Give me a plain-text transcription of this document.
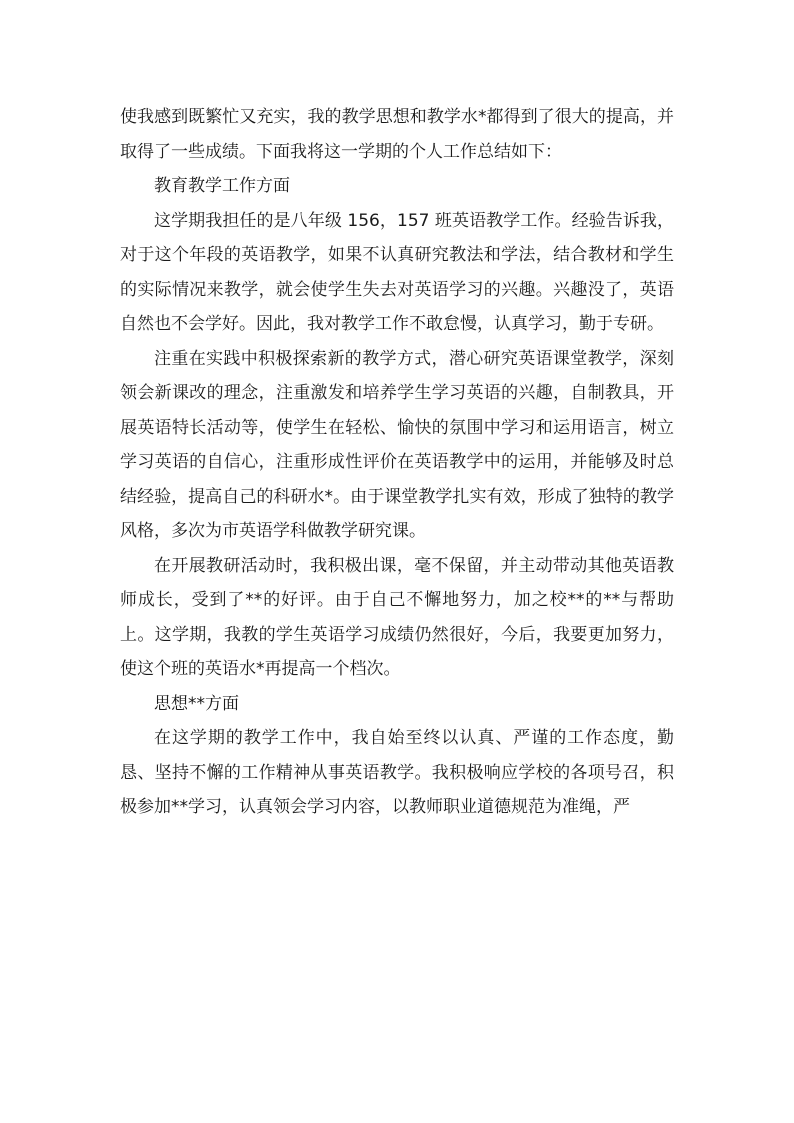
使我感到既繁忙又充实，我的教学思想和教学水*都得到了很大的提高，并取得了一些成绩。下面我将这一学期的个人工作总结如下：

教育教学工作方面

这学期我担任的是八年级 156，157 班英语教学工作。经验告诉我，对于这个年段的英语教学，如果不认真研究教法和学法，结合教材和学生的实际情况来教学，就会使学生失去对英语学习的兴趣。兴趣没了，英语自然也不会学好。因此，我对教学工作不敢怠慢，认真学习，勤于专研。

注重在实践中积极探索新的教学方式，潜心研究英语课堂教学，深刻领会新课改的理念，注重激发和培养学生学习英语的兴趣，自制教具，开展英语特长活动等，使学生在轻松、愉快的氛围中学习和运用语言，树立学习英语的自信心，注重形成性评价在英语教学中的运用，并能够及时总结经验，提高自己的科研水*。由于课堂教学扎实有效，形成了独特的教学风格，多次为市英语学科做教学研究课。

在开展教研活动时，我积极出课，毫不保留，并主动带动其他英语教师成长，受到了**的好评。由于自己不懈地努力，加之校**的**与帮助上。这学期，我教的学生英语学习成绩仍然很好，今后，我要更加努力，使这个班的英语水*再提高一个档次。

思想**方面

在这学期的教学工作中，我自始至终以认真、严谨的工作态度，勤恳、坚持不懈的工作精神从事英语教学。我积极响应学校的各项号召，积极参加**学习，认真领会学习内容，以教师职业道德规范为准绳，严
